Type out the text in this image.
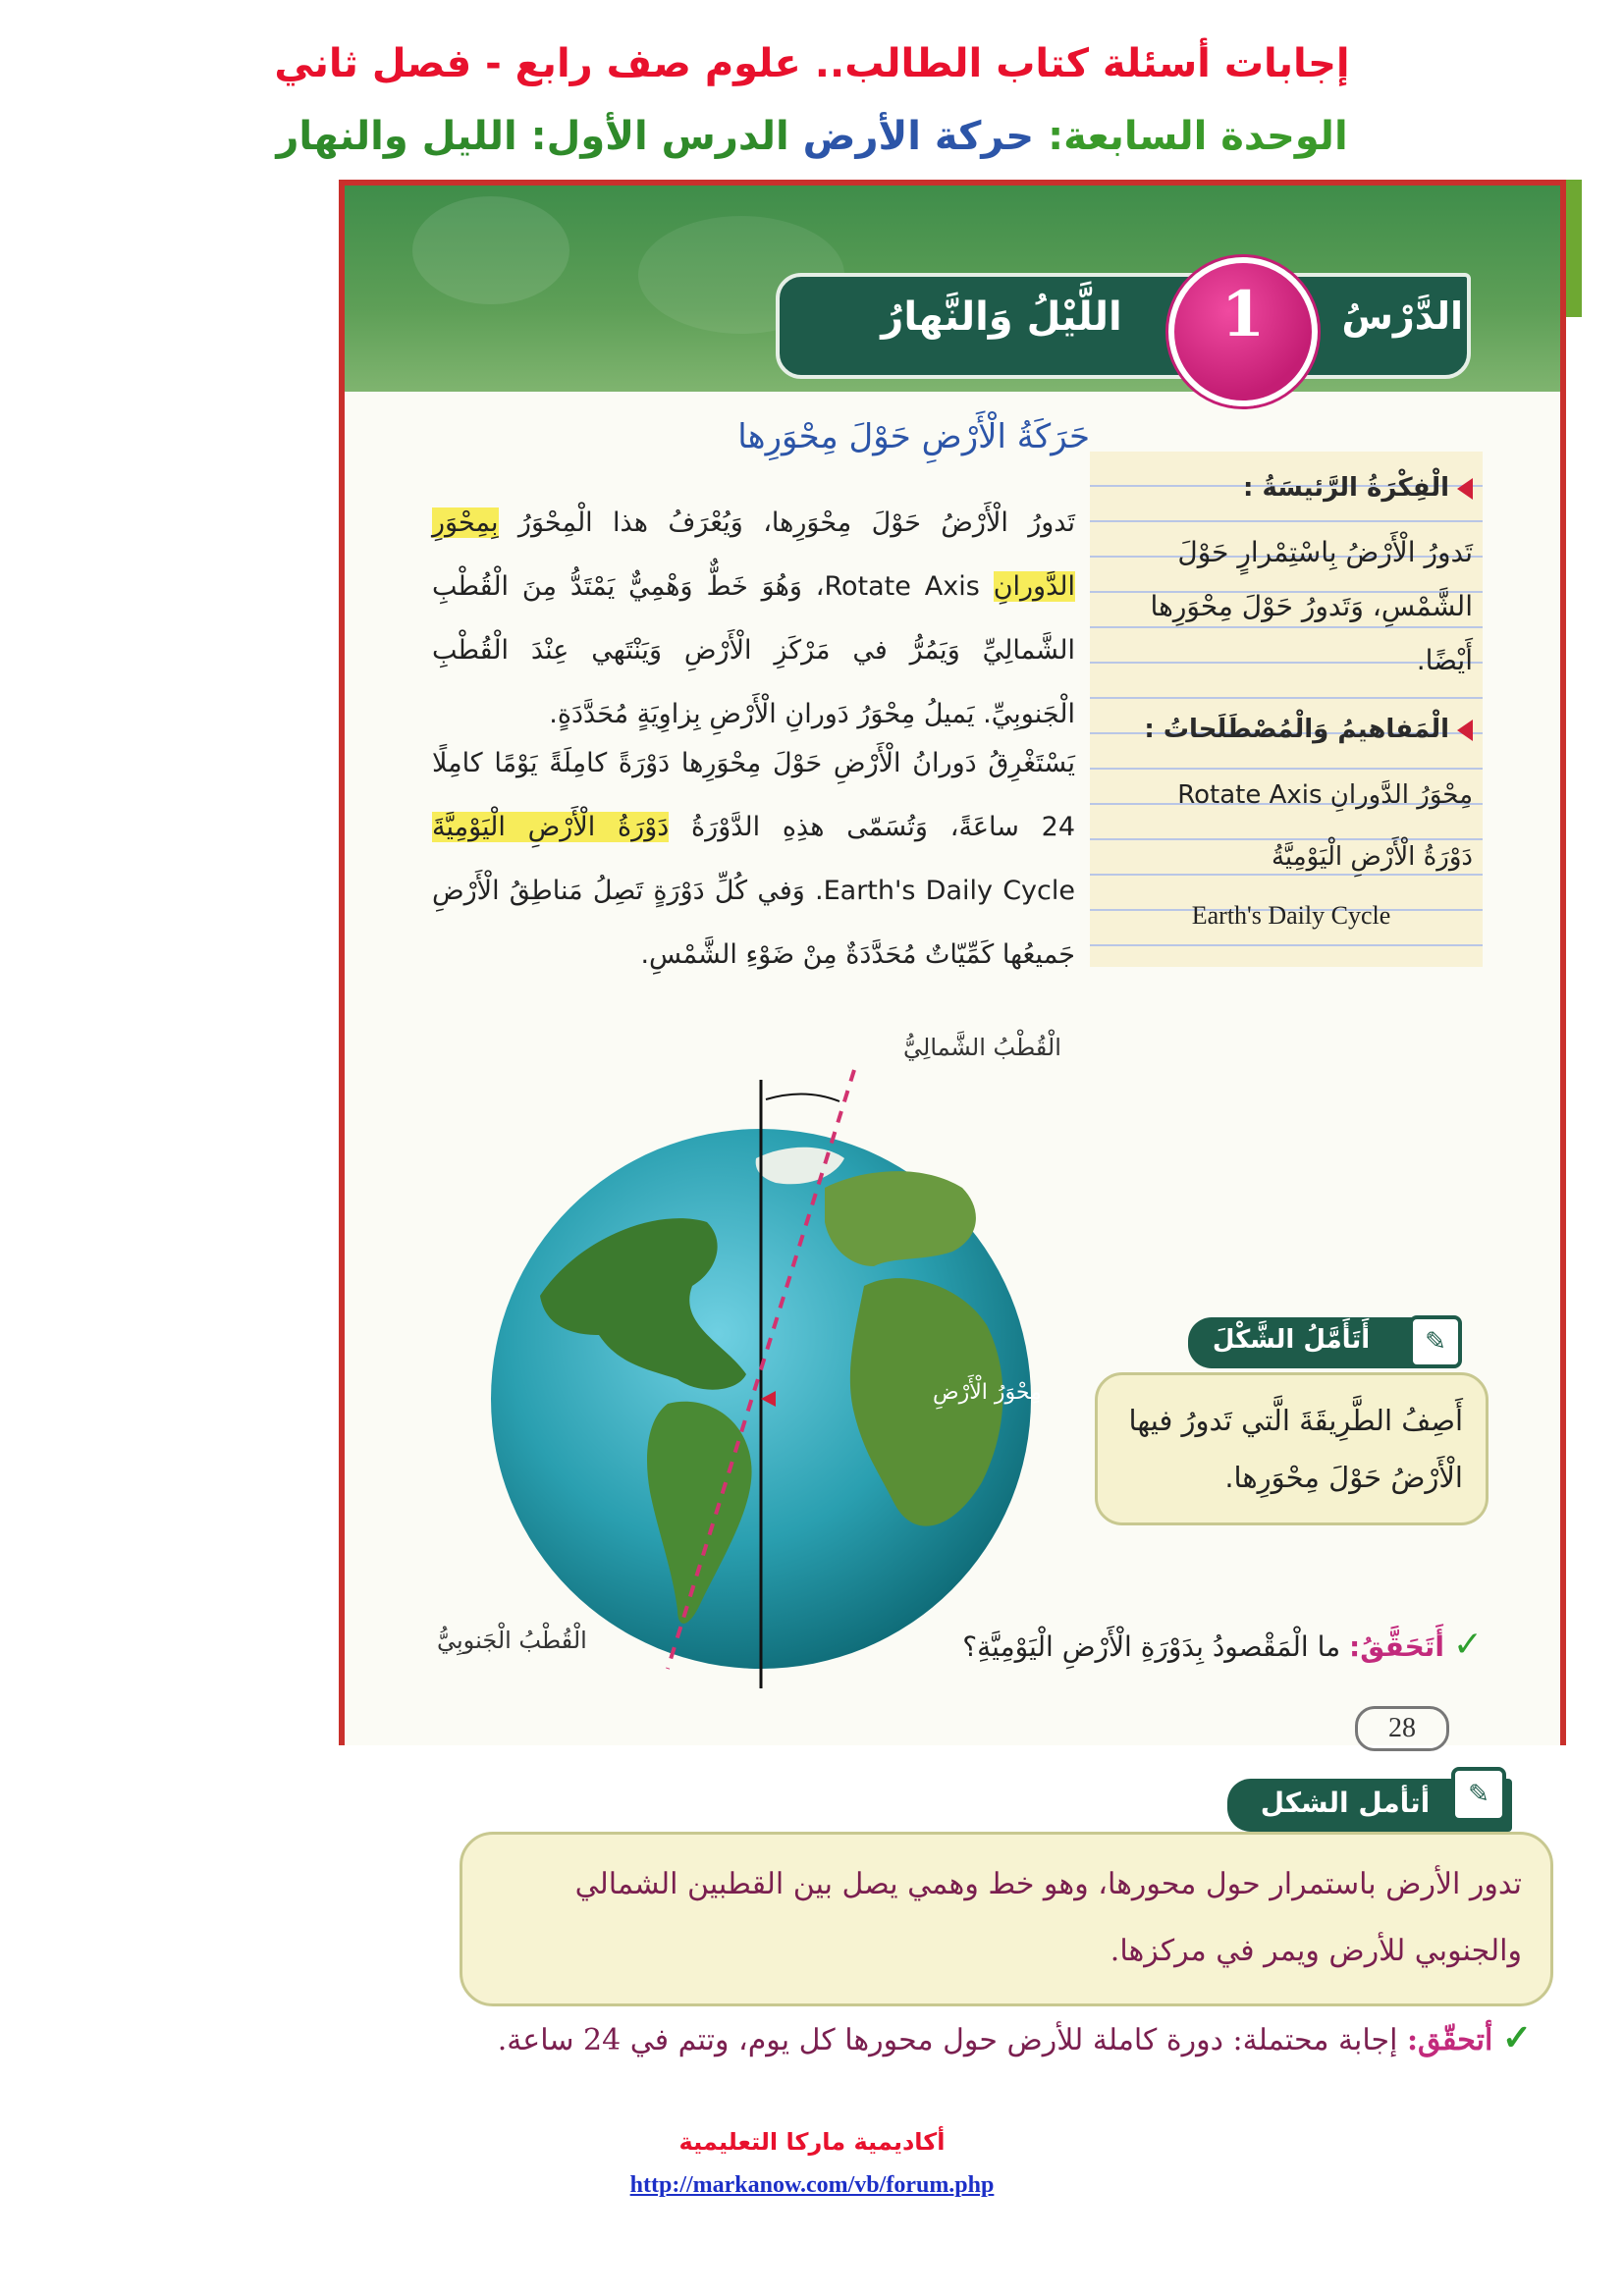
إجابات أسئلة كتاب الطالب.. علوم صف رابع - فصل ثاني
الوحدة السابعة: حركة الأرض الدرس الأول: الليل والنهار
الدَّرْسُ
اللَّيْلُ وَالنَّهارُ	1
حَرَكَةُ الْأَرْضِ حَوْلَ مِحْوَرِها
تَدورُ الْأَرْضُ حَوْلَ مِحْوَرِها، وَيُعْرَفُ هذا الْمِحْوَرُ بِمِحْوَرِ الدَّورانِ Rotate Axis، وَهُوَ خَطٌّ وَهْمِيٌّ يَمْتَدُّ مِنَ الْقُطْبِ الشَّمالِيِّ وَيَمُرُّ في مَرْكَزِ الْأَرْضِ وَيَنْتَهي عِنْدَ الْقُطْبِ الْجَنوبِيِّ. يَميلُ مِحْوَرُ دَورانِ الْأَرْضِ بِزاوِيَةٍ مُحَدَّدَةٍ.
يَسْتَغْرِقُ دَورانُ الْأَرْضِ حَوْلَ مِحْوَرِها دَوْرَةً كامِلَةً يَوْمًا كامِلًا 24 ساعَةً، وَتُسَمّى هذِهِ الدَّوْرَةُ دَوْرَةُ الْأَرْضِ الْيَوْمِيَّةَ Earth's Daily Cycle. وَفي كُلِّ دَوْرَةٍ تَصِلُ مَناطِقُ الْأَرْضِ جَميعُها كَمِّيّاتٌ مُحَدَّدَةٌ مِنْ ضَوْءِ الشَّمْسِ.
الْفِكْرَةُ الرَّئيسَةُ :
تَدورُ الْأَرْضُ بِاسْتِمْرارٍ حَوْلَ الشَّمْسِ، وَتَدورُ حَوْلَ مِحْوَرِها أَيْضًا.
الْمَفاهيمُ وَالْمُصْطَلَحاتُ :
مِحْوَرُ الدَّورانِ Rotate Axis
دَوْرَةُ الْأَرْضِ الْيَوْمِيَّةُ
Earth's Daily Cycle
مِحْوَرُ الْأَرْضِ
الْقُطْبُ الشَّمالِيُّ
الْقُطْبُ الْجَنوبِيُّ
أَتَأَمَّلُ الشَّكْلَ	✎
أَصِفُ الطَّرِيقَةَ الَّتي تَدورُ فيها الْأَرْضُ حَوْلَ مِحْوَرِها.
✓ أَتَحَقَّقُ: ما الْمَقْصودُ بِدَوْرَةِ الْأَرْضِ الْيَوْمِيَّةِ؟
28
أتأمل الشكل	✎
تدور الأرض باستمرار حول محورها، وهو خط وهمي يصل بين القطبين الشمالي والجنوبي للأرض ويمر في مركزها.
✓ أتحقّق: إجابة محتملة: دورة كاملة للأرض حول محورها كل يوم، وتتم في 24 ساعة.
أكاديمية ماركا التعليمية
http://markanow.com/vb/forum.php
